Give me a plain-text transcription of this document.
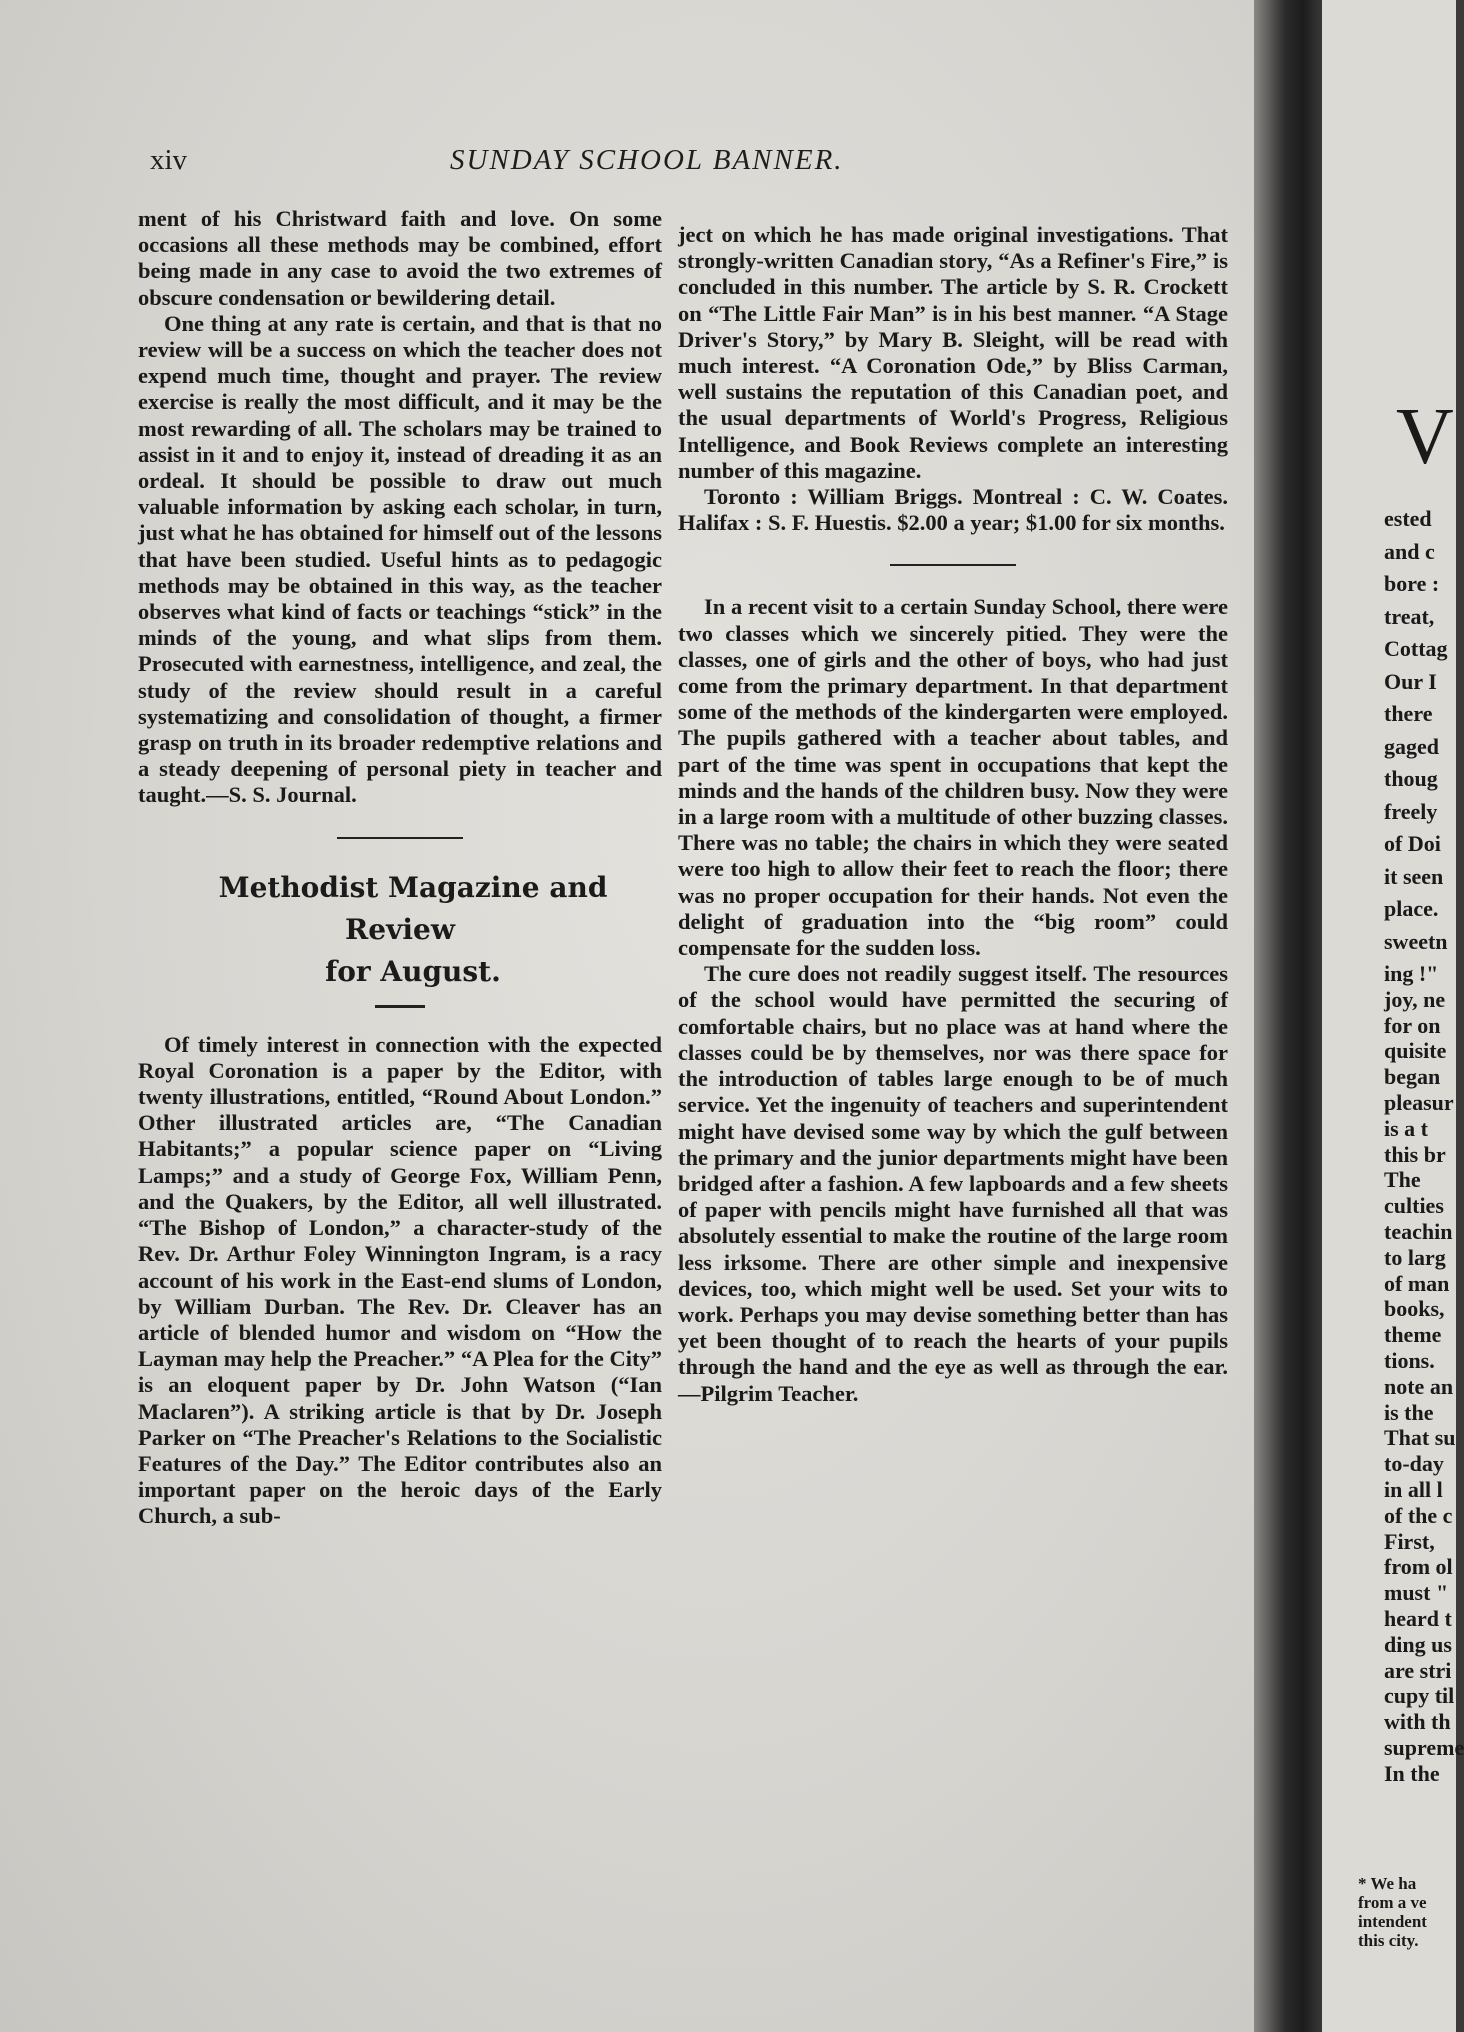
xiv	SUNDAY SCHOOL BANNER.

ment of his Christward faith and love. On some occasions all these methods may be combined, effort being made in any case to avoid the two extremes of obscure condensation or bewildering detail.

One thing at any rate is certain, and that is that no review will be a success on which the teacher does not expend much time, thought and prayer. The review exercise is really the most difficult, and it may be the most rewarding of all. The scholars may be trained to assist in it and to enjoy it, instead of dreading it as an ordeal. It should be possible to draw out much valuable information by asking each scholar, in turn, just what he has obtained for himself out of the lessons that have been studied. Useful hints as to pedagogic methods may be obtained in this way, as the teacher observes what kind of facts or teachings “stick” in the minds of the young, and what slips from them. Prosecuted with earnestness, intelligence, and zeal, the study of the review should result in a careful systematizing and consolidation of thought, a firmer grasp on truth in its broader redemptive relations and a steady deepening of personal piety in teacher and taught.—S. S. Journal.

Methodist Magazine and Review

for August.

Of timely interest in connection with the expected Royal Coronation is a paper by the Editor, with twenty illustrations, entitled, “Round About London.” Other illustrated articles are, “The Canadian Habitants;” a popular science paper on “Living Lamps;” and a study of George Fox, William Penn, and the Quakers, by the Editor, all well illustrated. “The Bishop of London,” a character-study of the Rev. Dr. Arthur Foley Winnington Ingram, is a racy account of his work in the East-end slums of London, by William Durban. The Rev. Dr. Cleaver has an article of blended humor and wisdom on “How the Layman may help the Preacher.” “A Plea for the City” is an eloquent paper by Dr. John Watson (“Ian Maclaren”). A striking article is that by Dr. Joseph Parker on “The Preacher's Relations to the Socialistic Features of the Day.” The Editor contributes also an important paper on the heroic days of the Early Church, a sub-

ject on which he has made original investigations. That strongly-written Canadian story, “As a Refiner's Fire,” is concluded in this number. The article by S. R. Crockett on “The Little Fair Man” is in his best manner. “A Stage Driver's Story,” by Mary B. Sleight, will be read with much interest. “A Coronation Ode,” by Bliss Carman, well sustains the reputation of this Canadian poet, and the usual departments of World's Progress, Religious Intelligence, and Book Reviews complete an interesting number of this magazine.

Toronto : William Briggs. Montreal : C. W. Coates. Halifax : S. F. Huestis. $2.00 a year; $1.00 for six months.

In a recent visit to a certain Sunday School, there were two classes which we sincerely pitied. They were the classes, one of girls and the other of boys, who had just come from the primary department. In that department some of the methods of the kindergarten were employed. The pupils gathered with a teacher about tables, and part of the time was spent in occupations that kept the minds and the hands of the children busy. Now they were in a large room with a multitude of other buzzing classes. There was no table; the chairs in which they were seated were too high to allow their feet to reach the floor; there was no proper occupation for their hands. Not even the delight of graduation into the “big room” could compensate for the sudden loss.

The cure does not readily suggest itself. The resources of the school would have permitted the securing of comfortable chairs, but no place was at hand where the classes could be by themselves, nor was there space for the introduction of tables large enough to be of much service. Yet the ingenuity of teachers and superintendent might have devised some way by which the gulf between the primary and the junior departments might have been bridged after a fashion. A few lapboards and a few sheets of paper with pencils might have furnished all that was absolutely essential to make the routine of the large room less irksome. There are other simple and inexpensive devices, too, which might well be used. Set your wits to work. Perhaps you may devise something better than has yet been thought of to reach the hearts of your pupils through the hand and the eye as well as through the ear.—Pilgrim Teacher.

V
ested
and c
bore :
treat,
Cottag
Our I
there
gaged
thoug
freely
of Doi
it seen
place.
sweetn
ing !"
joy, ne
for on
quisite
began
pleasur
is a t
this br
The
culties
teachin
to larg
of man
books,
theme
tions.
note an
is the
That su
to-day
in all l
of the c
First,
from ol
must "
heard t
ding us
are stri
cupy til
with th
supreme
In the
* We ha
from a ve
intendent
this city.
